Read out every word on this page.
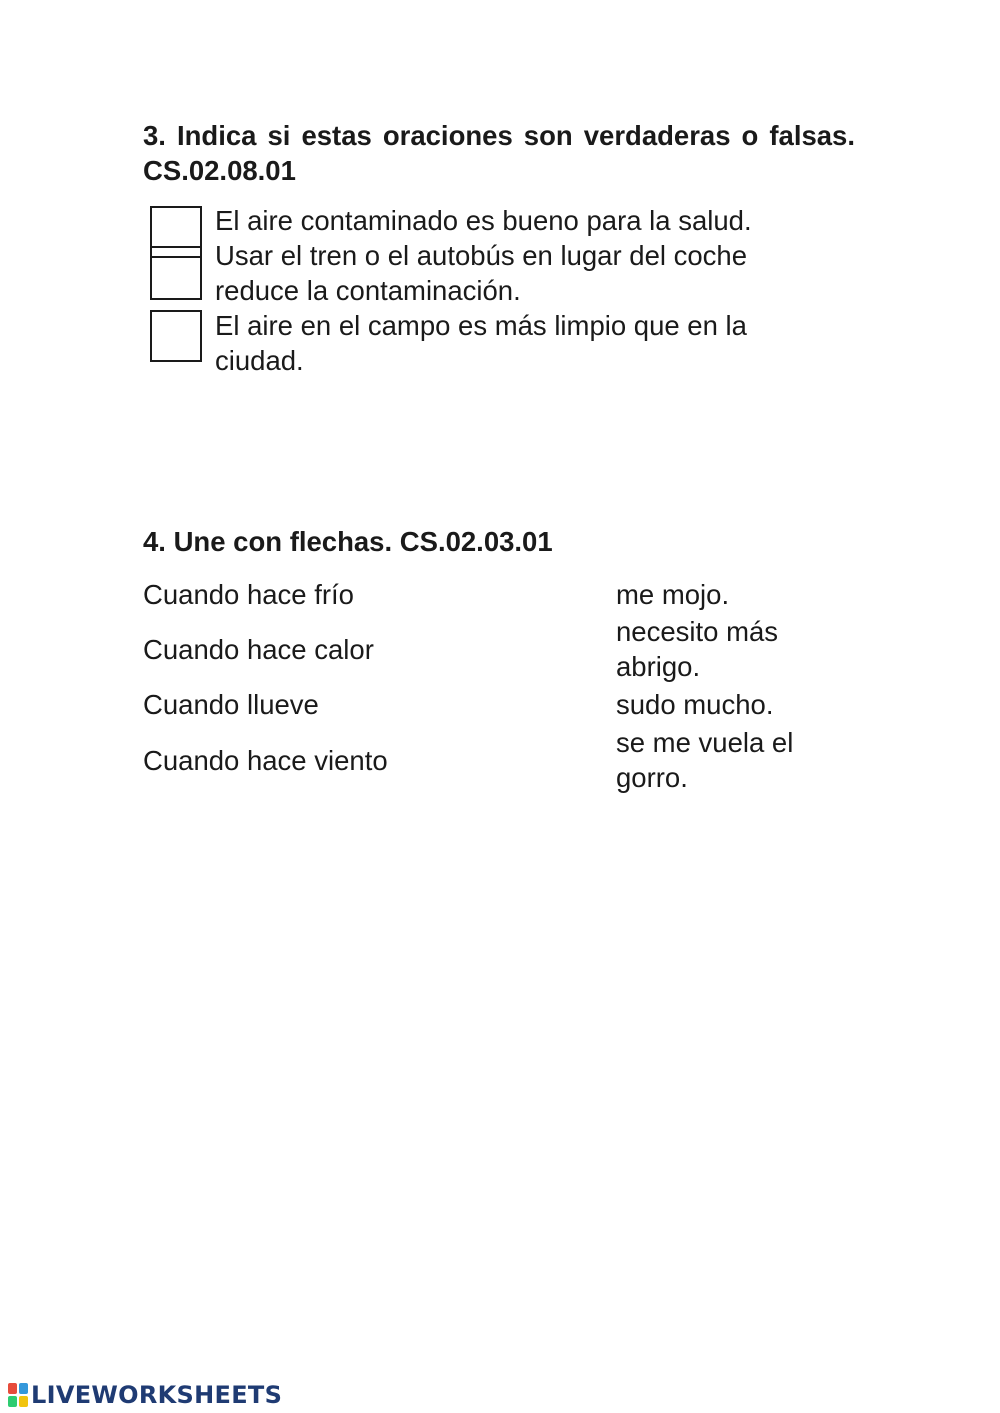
3. Indica si estas oraciones son verdaderas o falsas. CS.02.08.01

El aire contaminado es bueno para la salud.

Usar el tren o el autobús en lugar del coche reduce la contaminación.

El aire en el campo es más limpio que en la ciudad.

4. Une con flechas. CS.02.03.01

Cuando hace frío

Cuando hace calor

Cuando llueve

Cuando hace viento

me mojo.

necesito más abrigo.

sudo mucho.

se me vuela el gorro.

LIVEWORKSHEETS
